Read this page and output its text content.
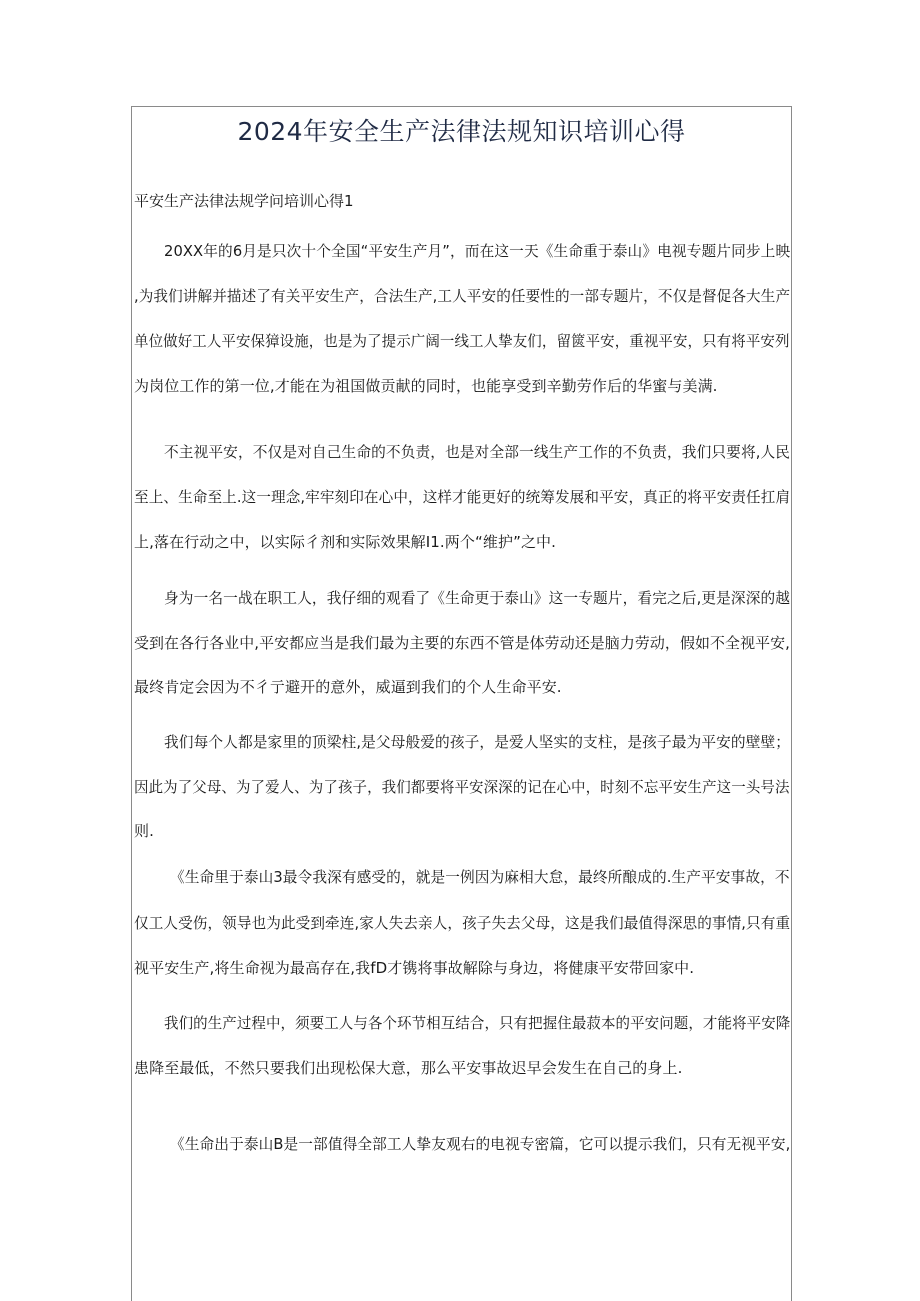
2024年安全生产法律法规知识培训心得
平安生产法律法规学问培训心得1
20XX年的6月是只次十个全国“平安生产月”，而在这一天《生命重于泰山》电视专题片同步上映
,为我们讲解并描述了有关平安生产，合法生产,工人平安的任要性的一部专题片，不仅是督促各大生产
单位做好工人平安保獐设施，也是为了提示广阔一线工人挚友们，留篋平安，重视平安，只有将平安列
为岗位工作的第一位,才能在为祖国做贡献的同时，也能享受到辛勤劳作后的华蜜与美满.
不主视平安，不仅是对自己生命的不负责，也是对全部一线生产工作的不负责，我们只要将,人民
至上、生命至上.这一理念,牢牢刻印在心中，这样才能更好的统筹发展和平安，真正的将平安责任扛肩
上,落在行动之中，以实际彳剂和实际效果解I1.两个“维护”之中.
身为一名一战在职工人，我仔细的观看了《生命更于泰山》这一专题片，看完之后,更是深深的越
受到在各行各业中,平安都应当是我们最为主要的东西不管是体劳动还是脑力劳动，假如不全视平安,
最终肯定会因为不彳亍避开的意外，威逼到我们的个人生命平安.
我们每个人都是家里的顶梁柱,是父母般爱的孩子，是爱人坚实的支柱，是孩子最为平安的壁壁；
因此为了父母、为了爱人、为了孩子，我们都要将平安深深的记在心中，时刻不忘平安生产这一头号法
则.
《生命里于泰山3最令我深有感受的，就是一例因为麻相大怠，最终所酿成的.生产平安事故，不
仅工人受伤，领导也为此受到牵连,家人失去亲人，孩子失去父母，这是我们最值得深思的事情,只有重
视平安生产,将生命视为最高存在,我fD才镌将事故解除与身边，将健康平安带回家中.
我们的生产过程中，须要工人与各个环节相互结合，只有把握住最菽本的平安问题，才能将平安降
患降至最低，不然只要我们出现松保大意，那么平安事故迟早会发生在自己的身上.
《生命出于泰山B是一部值得全部工人挚友观右的电视专密篇，它可以提示我们，只有无视平安,
